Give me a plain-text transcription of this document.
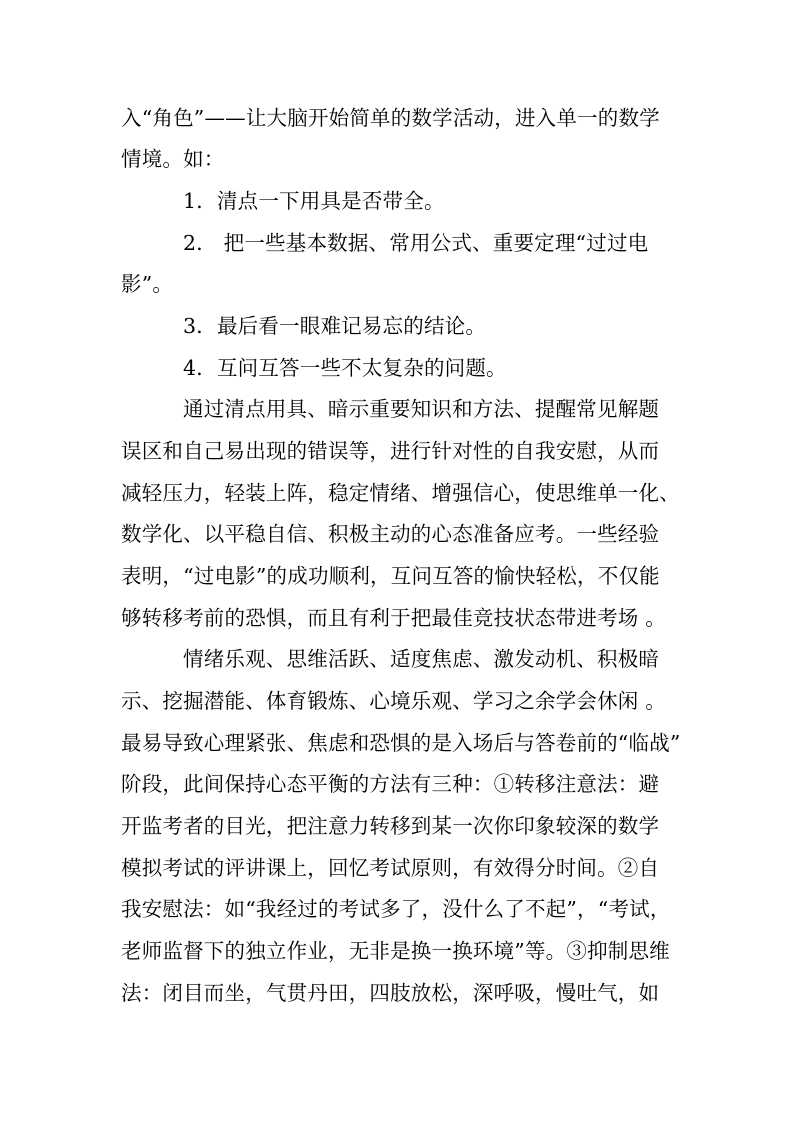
入“角色”——让大脑开始简单的数学活动，进入单一的数学
情境。如：
1．清点一下用具是否带全。
2． 把一些基本数据、常用公式、重要定理“过过电
影”。
3．最后看一眼难记易忘的结论。
4．互问互答一些不太复杂的问题。
通过清点用具、暗示重要知识和方法、提醒常见解题
误区和自己易出现的错误等，进行针对性的自我安慰，从而
减轻压力，轻装上阵，稳定情绪、增强信心，使思维单一化、
数学化、以平稳自信、积极主动的心态准备应考。一些经验
表明，“过电影”的成功顺利，互问互答的愉快轻松，不仅能
够转移考前的恐惧，而且有利于把最佳竞技状态带进考场 。
情绪乐观、思维活跃、适度焦虑、激发动机、积极暗
示、挖掘潜能、体育锻炼、心境乐观、学习之余学会休闲 。
最易导致心理紧张、焦虑和恐惧的是入场后与答卷前的“临战”
阶段，此间保持心态平衡的方法有三种：①转移注意法：避
开监考者的目光，把注意力转移到某一次你印象较深的数学
模拟考试的评讲课上，回忆考试原则，有效得分时间。②自
我安慰法：如“我经过的考试多了，没什么了不起”，“考试，
老师监督下的独立作业，无非是换一换环境”等。③抑制思维
法：闭目而坐，气贯丹田，四肢放松，深呼吸，慢吐气，如
